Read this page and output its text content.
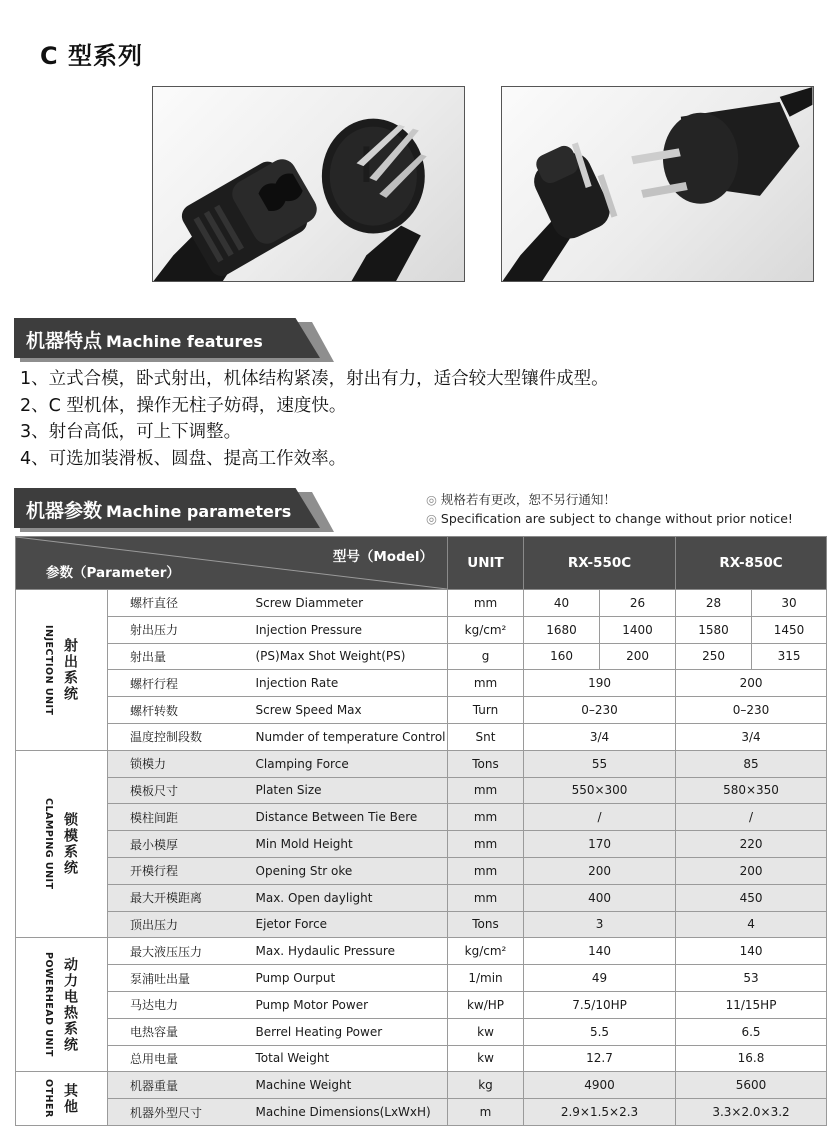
C 型系列
机器特点 Machine features
1、立式合模，卧式射出，机体结构紧凑，射出有力，适合较大型镶件成型。
2、C 型机体，操作无柱子妨碍，速度快。
3、射台高低，可上下调整。
4、可选加装滑板、圆盘、提高工作效率。
机器参数 Machine parameters
◎ 规格若有更改，恕不另行通知！
◎ Specification are subject to change without prior notice!
型号（Model）
参数（Parameter）			UNIT	RX-550C		RX-850C	

INJECTION UNIT 射出系统	螺杆直径	Screw Diammeter	mm	40	26	28	30
	射出压力	Injection Pressure	kg/cm²	1680	1400	1580	1450
	射出量	(PS)Max Shot Weight(PS)	g	160	200	250	315
	螺杆行程	Injection Rate	mm	190		200	
	螺杆转数	Screw Speed Max	Turn	0–230		0–230	
	温度控制段数	Numder of temperature Control	Snt	3/4		3/4	

CLAMPING UNIT 锁模系统	锁模力	Clamping Force	Tons	55		85	
	模板尺寸	Platen Size	mm	550×300		580×350	
	模柱间距	Distance Between Tie Bere	mm	/		/	
	最小模厚	Min Mold Height	mm	170		220	
	开模行程	Opening Str oke	mm	200		200	
	最大开模距离	Max. Open daylight	mm	400		450	
	顶出压力	Ejetor Force	Tons	3		4	

POWERHEAD UNIT 动力电热系统	最大液压压力	Max. Hydaulic Pressure	kg/cm²	140		140	
	泵浦吐出量	Pump Ourput	1/min	49		53	
	马达电力	Pump Motor Power	kw/HP	7.5/10HP		11/15HP	
	电热容量	Berrel Heating Power	kw	5.5		6.5	
	总用电量	Total Weight	kw	12.7		16.8	

OTHER 其他	机器重量	Machine Weight	kg	4900		5600	
	机器外型尺寸	Machine Dimensions(LxWxH)	m	2.9×1.5×2.3		3.3×2.0×3.2	
